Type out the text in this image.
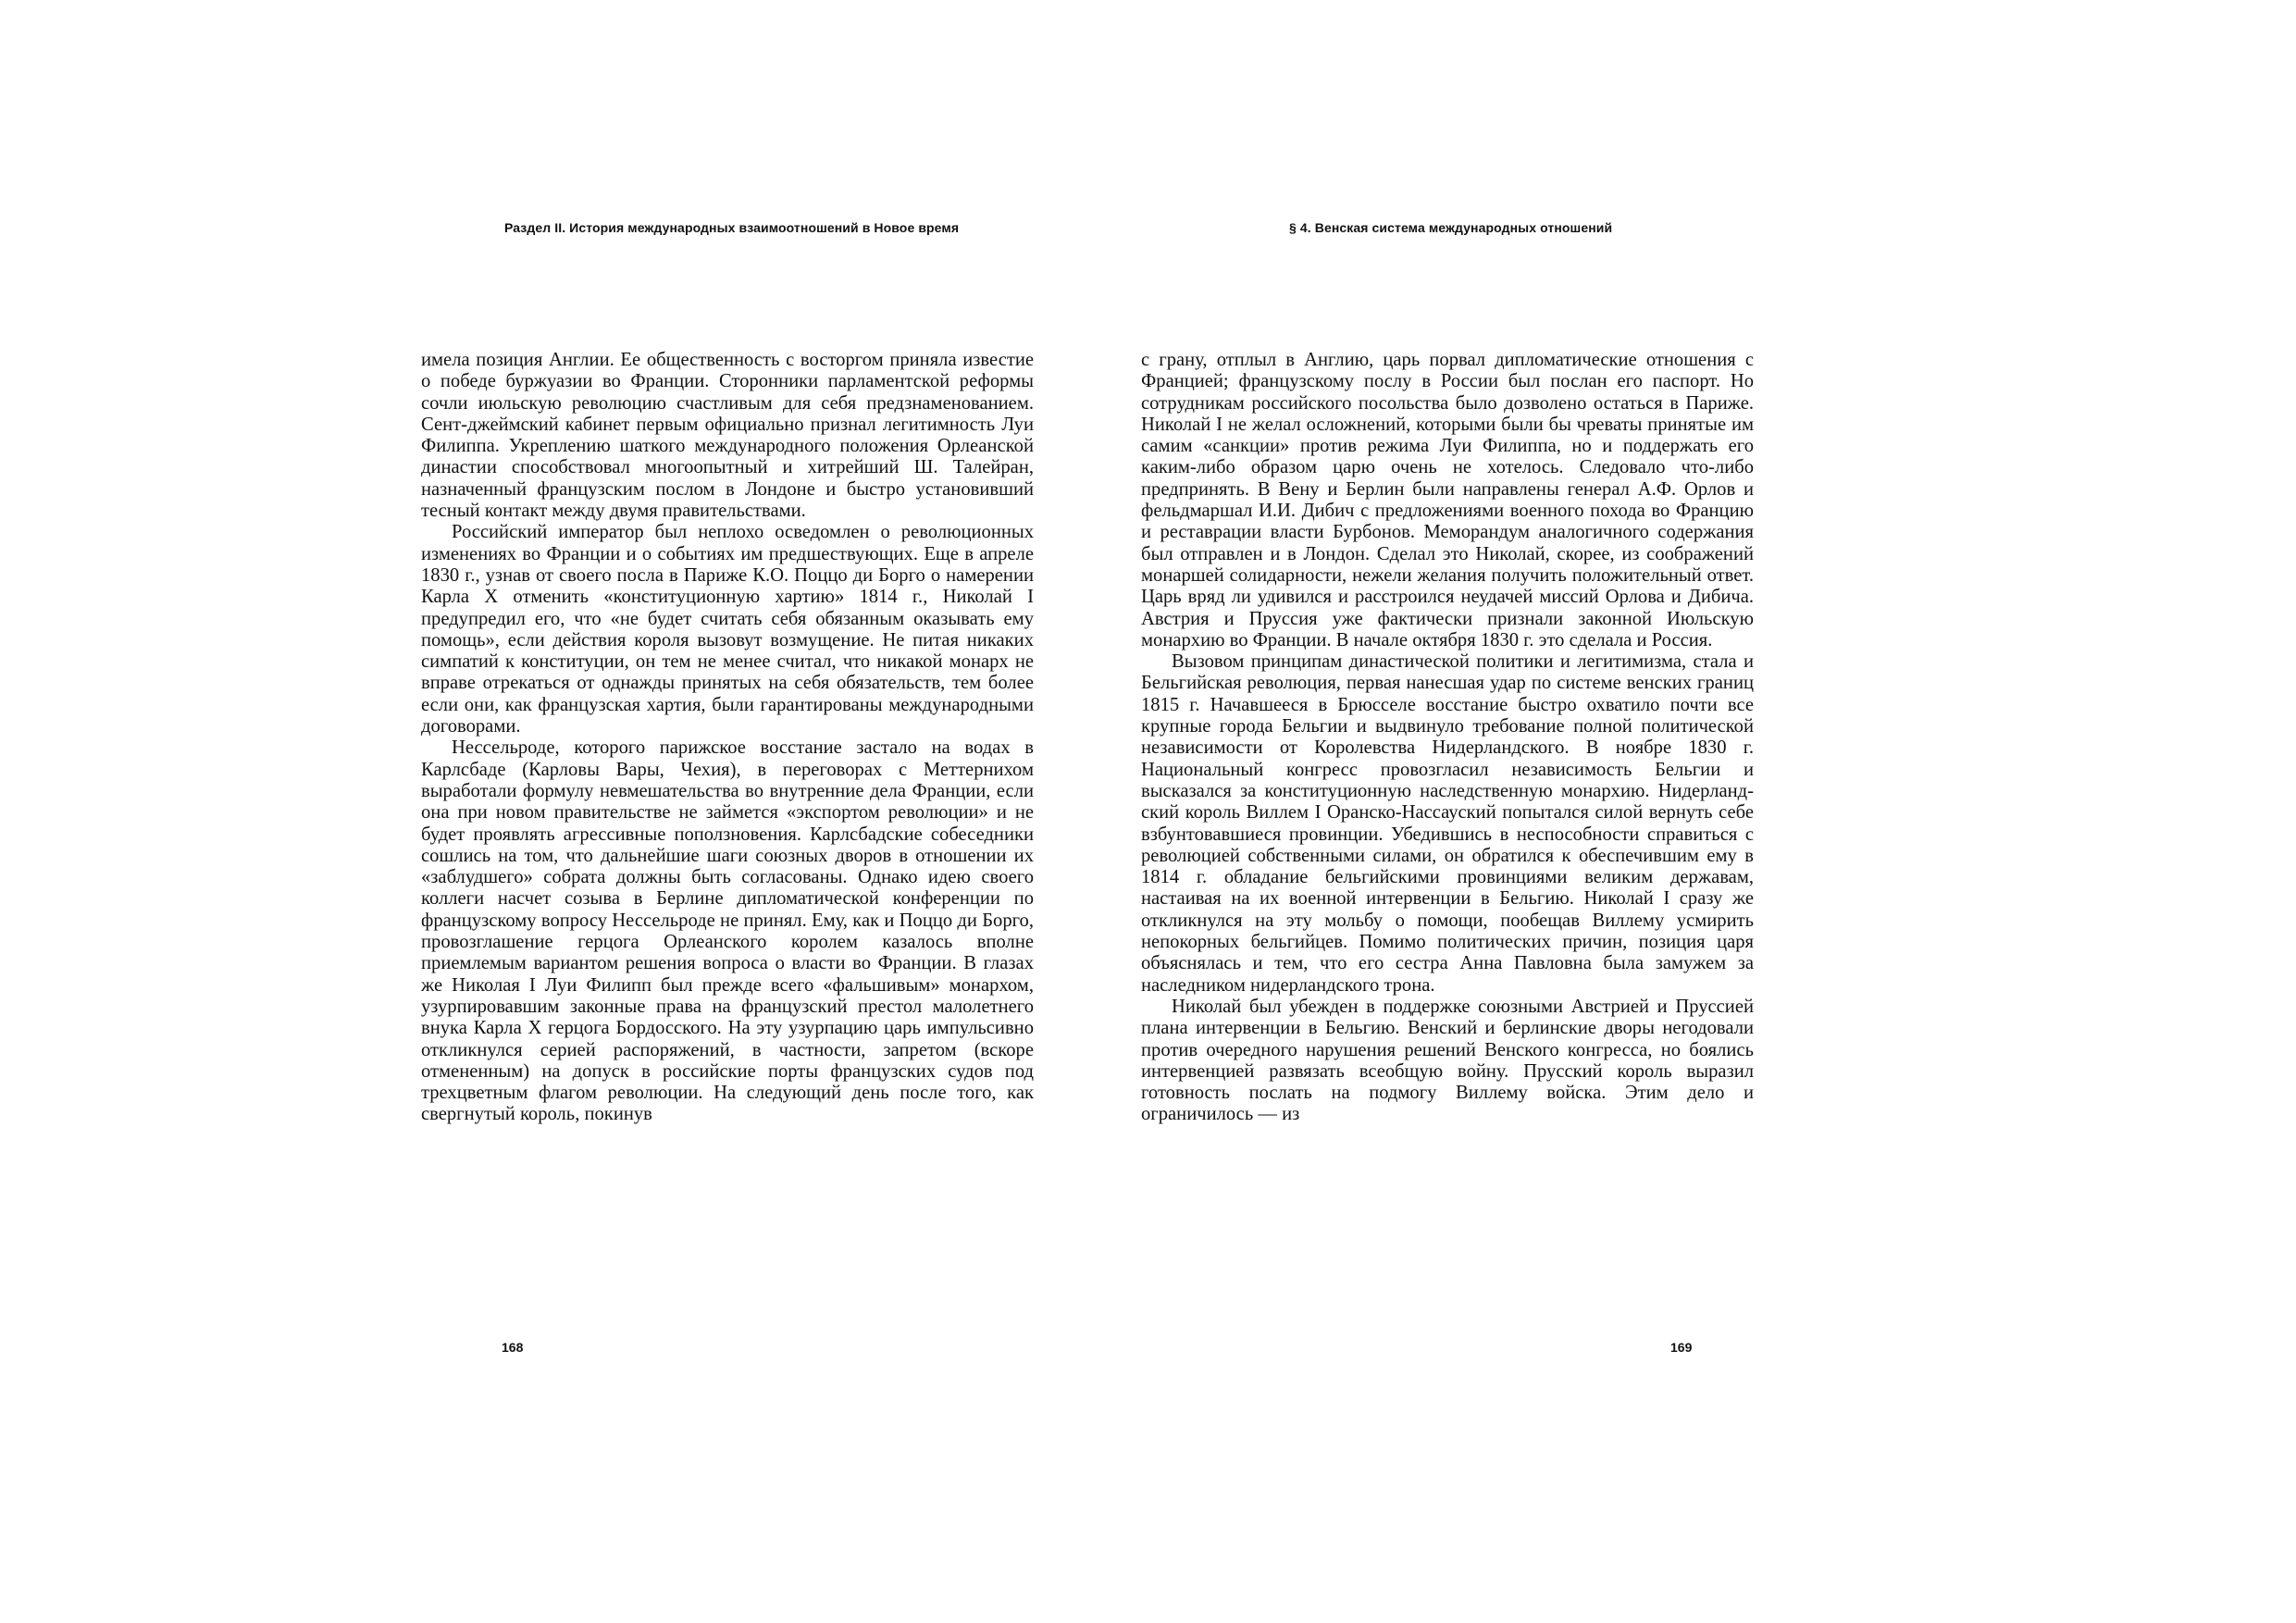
Раздел II. История международных взаимоотношений в Новое время

имела позиция Англии. Ее общественность с восторгом приняла известие о победе буржуазии во Франции. Сторонники парламентской реформы сочли июльскую революцию счастливым для себя предзнаменованием. Сент-джеймский кабинет первым официально признал легитимность Луи Филиппа. Укреплению шаткого международного положения Орлеанской династии способствовал многоопытный и хитрейший Ш. Талейран, назначенный французским послом в Лондоне и быстро установивший тесный контакт между двумя правительствами.

Российский император был неплохо осведомлен о революционных изменениях во Франции и о событиях им предшествующих. Еще в апреле 1830 г., узнав от своего посла в Париже К.О. Поццо ди Борго о намерении Карла X отменить «конституционную хартию» 1814 г., Николай I предупредил его, что «не будет считать себя обязанным оказывать ему помощь», если действия короля вызовут возмущение. Не питая никаких симпатий к конституции, он тем не менее считал, что никакой монарх не вправе отрекаться от однажды принятых на себя обязательств, тем более если они, как французская хартия, были гарантированы международными договорами.

Нессельроде, которого парижское восстание застало на водах в Карлсбаде (Карловы Вары, Чехия), в переговорах с Меттернихом выработали формулу невмешательства во внутренние дела Франции, если она при новом правительстве не займется «экспортом революции» и не будет проявлять агрессивные поползновения. Карлсбадские собеседники сошлись на том, что дальнейшие шаги союзных дворов в отношении их «заблудшего» собрата должны быть согласованы. Однако идею своего коллеги насчет созыва в Берлине дипломатической конференции по французскому вопросу Нессельроде не принял. Ему, как и Поццо ди Борго, провозглашение герцога Орлеанского королем казалось вполне приемлемым вариантом решения вопроса о власти во Франции. В глазах же Николая I Луи Филипп был прежде всего «фальшивым» монархом, узурпировавшим законные права на французский престол малолетнего внука Карла X герцога Бордосского. На эту узурпацию царь импульсивно откликнулся серией распоряжений, в частности, запретом (вскоре отмененным) на допуск в российские порты французских судов под трехцветным флагом революции. На следующий день после того, как свергнутый король, покинув

168
§ 4. Венская система международных отношений

с грану, отплыл в Англию, царь порвал дипломатические отношения с Францией; французскому послу в России был послан его паспорт. Но сотрудникам российского посольства было дозволено остаться в Париже. Николай I не желал осложнений, которыми были бы чреваты принятые им самим «санкции» против режима Луи Филиппа, но и поддержать его каким-либо образом царю очень не хотелось. Следовало что-либо предпринять. В Вену и Берлин были направлены генерал А.Ф. Орлов и фельдмаршал И.И. Дибич с предложениями военного похода во Францию и реставрации власти Бурбонов. Меморандум аналогичного содержания был отправлен и в Лондон. Сделал это Николай, скорее, из соображений монаршей солидарности, нежели желания получить положительный ответ. Царь вряд ли удивился и расстроился неудачей миссий Орлова и Дибича. Австрия и Пруссия уже фактически признали законной Июльскую монархию во Франции. В начале октября 1830 г. это сделала и Россия.

Вызовом принципам династической политики и легитимизма, стала и Бельгийская революция, первая нанесшая удар по системе венских границ 1815 г. Начавшееся в Брюсселе восстание быстро охватило почти все крупные города Бельгии и выдвинуло требование полной политической независимости от Королевства Нидерландского. В ноябре 1830 г. Национальный конгресс провозгласил независимость Бельгии и высказался за конституционную наследственную монархию. Нидерландский король Виллем I Оранско-Нассауский попытался силой вернуть себе взбунтовавшиеся провинции. Убедившись в неспособности справиться с революцией собственными силами, он обратился к обеспечившим ему в 1814 г. обладание бельгийскими провинциями великим державам, настаивая на их военной интервенции в Бельгию. Николай I сразу же откликнулся на эту мольбу о помощи, пообещав Виллему усмирить непокорных бельгийцев. Помимо политических причин, позиция царя объяснялась и тем, что его сестра Анна Павловна была замужем за наследником нидерландского трона.

Николай был убежден в поддержке союзными Австрией и Пруссией плана интервенции в Бельгию. Венский и берлинские дворы негодовали против очередного нарушения решений Венского конгресса, но боялись интервенцией развязать всеобщую войну. Прусский король выразил готовность послать на подмогу Виллему войска. Этим дело и ограничилось — из

169
